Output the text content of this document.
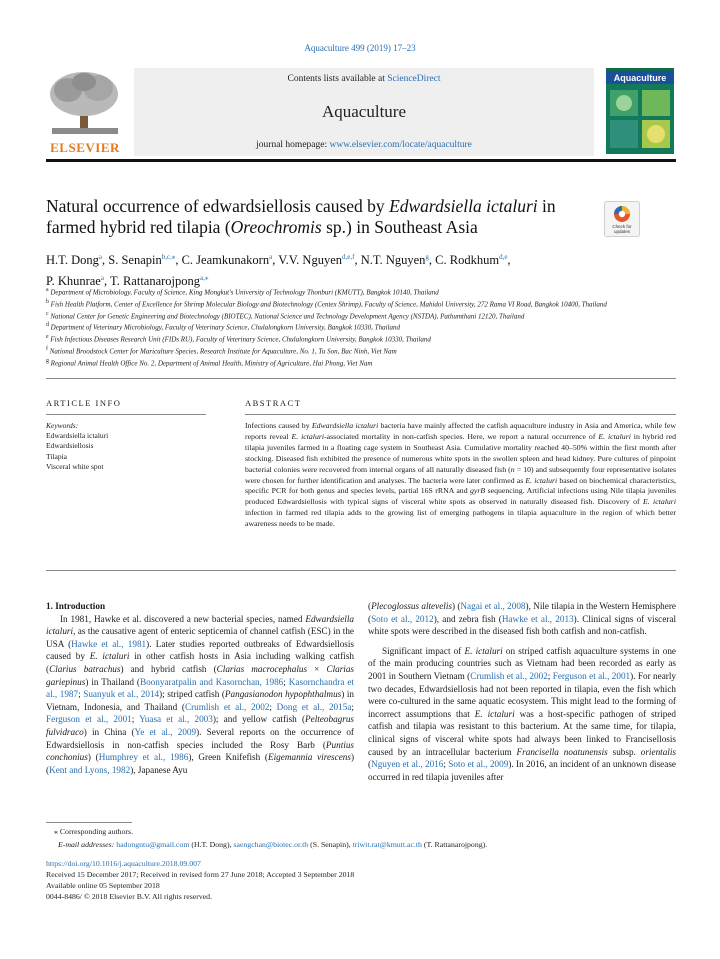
Aquaculture 499 (2019) 17–23
ELSEVIER
Contents lists available at ScienceDirect
Aquaculture
journal homepage: www.elsevier.com/locate/aquaculture
Aquaculture
Natural occurrence of edwardsiellosis caused by Edwardsiella ictaluri in farmed hybrid red tilapia (Oreochromis sp.) in Southeast Asia	Check for updates
H.T. Dong$^a$, S. Senapin$^{b,c,⁎}$, C. Jeamkunakorn$^a$, V.V. Nguyen$^{d,e,f}$, N.T. Nguyen$^g$, C. Rodkhum$^{d,e}$,
P. Khunrae$^a$, T. Rattanarojpong$^{a,⁎}$
$^a$ Department of Microbiology, Faculty of Science, King Mongkut's University of Technology Thonburi (KMUTT), Bangkok 10140, Thailand
$^b$ Fish Health Platform, Center of Excellence for Shrimp Molecular Biology and Biotechnology (Centex Shrimp), Faculty of Science, Mahidol University, 272 Rama VI Road, Bangkok 10400, Thailand
$^c$ National Center for Genetic Engineering and Biotechnology (BIOTEC), National Science and Technology Development Agency (NSTDA), Pathumthani 12120, Thailand
$^d$ Department of Veterinary Microbiology, Faculty of Veterinary Science, Chulalongkorn University, Bangkok 10330, Thailand
$^e$ Fish Infectious Diseases Research Unit (FIDs RU), Faculty of Veterinary Science, Chulalongkorn University, Bangkok 10330, Thailand
$^f$ National Broodstock Center for Mariculture Species, Research Institute for Aquaculture, No. 1, Tu Son, Bac Ninh, Viet Nam
$^g$ Regional Animal Health Office No. 2, Department of Animal Health, Ministry of Agriculture, Hai Phong, Viet Nam
ARTICLE INFO	ABSTRACT
Keywords:
Edwardsiella ictaluri
Edwardsiellosis
Tilapia
Visceral white spot
Infections caused by Edwardsiella ictaluri bacteria have mainly affected the catfish aquaculture industry in Asia and America, while few reports reveal E. ictaluri-associated mortality in non-catfish species. Here, we report a natural occurrence of E. ictaluri in hybrid red tilapia juveniles farmed in a floating cage system in Southeast Asia. Cumulative mortality reached 40–50% within the first month after stocking. Diseased fish exhibited the presence of numerous white spots in the swollen spleen and head kidney. Pure cultures of pinpoint bacterial colonies were recovered from internal organs of all naturally diseased fish (n = 10) and subsequently four representative isolates were chosen for further identification and analyses. The bacteria were later confirmed as E. ictaluri based on biochemical characteristics, specific PCR for both genus and species levels, partial 16S rRNA and gyrB sequencing. Artificial infections using Nile tilapia juveniles produced Edwardsiellosis with typical signs of visceral white spots as observed in naturally diseased fish. Discovery of E. ictaluri infection in farmed red tilapia adds to the growing list of emerging pathogens in tilapia aquaculture in the region of which better awareness needs to be made.

1. Introduction

In 1981, Hawke et al. discovered a new bacterial species, named Edwardsiella ictaluri, as the causative agent of enteric septicemia of channel catfish (ESC) in the USA (Hawke et al., 1981). Later studies reported outbreaks of Edwardsiellosis caused by E. ictaluri in other catfish hosts in Asia including walking catfish (Clarius batrachus) and hybrid catfish (Clarias macrocephalus × Clarias gariepinus) in Thailand (Boonyaratpalin and Kasornchan, 1986; Kasornchandra et al., 1987; Suanyuk et al., 2014); striped catfish (Pangasianodon hypophthalmus) in Vietnam, Indonesia, and Thailand (Crumlish et al., 2002; Dong et al., 2015a; Ferguson et al., 2001; Yuasa et al., 2003); and yellow catfish (Pelteobagrus fulvidraco) in China (Ye et al., 2009). Several reports on the occurrence of Edwardsiellosis in non-catfish species included the Rosy Barb (Puntius conchonius) (Humphrey et al., 1986), Green Knifefish (Eigemannia virescens) (Kent and Lyons, 1982), Japanese Ayu

(Plecoglossus altevelis) (Nagai et al., 2008), Nile tilapia in the Western Hemisphere (Soto et al., 2012), and zebra fish (Hawke et al., 2013). Clinical signs of visceral white spots were described in the diseased fish both catfish and non-catfish.

Significant impact of E. ictaluri on striped catfish aquaculture systems in one of the main producing countries such as Vietnam had been recorded as early as 2001 in Southern Vietnam (Crumlish et al., 2002; Ferguson et al., 2001). For nearly two decades, Edwardsiellosis had not been reported in tilapia, even the fish which were co-cultured in the same aquatic ecosystem. This might lead to the forming of incorrect assumptions that E. ictaluri was a host-specific pathogen of striped catfish and tilapia was resistant to this bacterium. At the same time, for tilapia, clinical signs of visceral white spots had always been linked to Francisellosis caused by an intracellular bacterium Francisella noatunensis subsp. orientalis (Nguyen et al., 2016; Soto et al., 2009). In 2016, an incident of an unknown disease occurred in red tilapia juveniles after

⁎ Corresponding authors.
E-mail addresses: hadongntu@gmail.com (H.T. Dong), saengchan@biotec.or.th (S. Senapin), triwit.rat@kmutt.ac.th (T. Rattanarojpong).
https://doi.org/10.1016/j.aquaculture.2018.09.007
Received 15 December 2017; Received in revised form 27 June 2018; Accepted 3 September 2018
Available online 05 September 2018
0044-8486/ © 2018 Elsevier B.V. All rights reserved.
